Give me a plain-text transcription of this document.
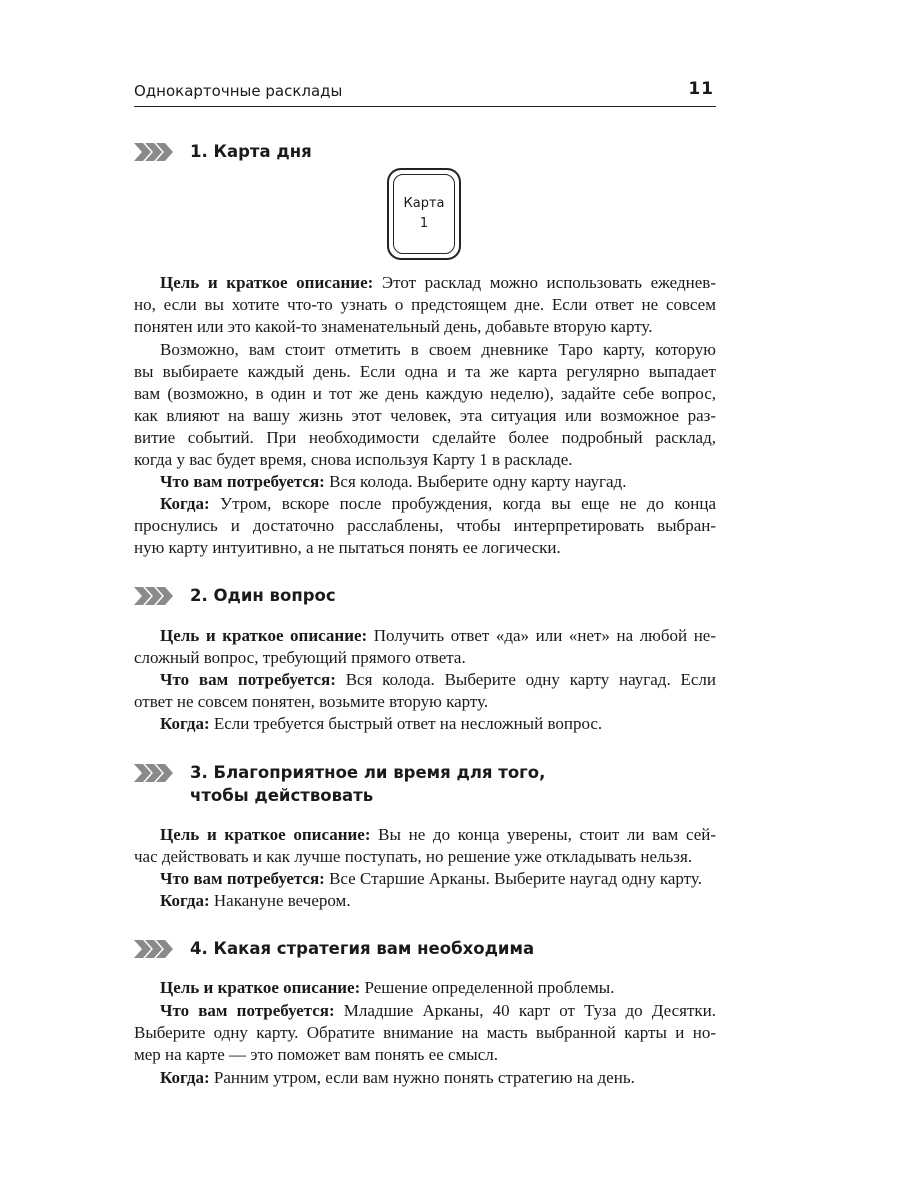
Однокарточные расклады	11
1. Карта дня
Карта
1
Цель и краткое описание: Этот расклад можно использовать ежеднев-
но, если вы хотите что-то узнать о предстоящем дне. Если ответ не совсем
понятен или это какой-то знаменательный день, добавьте вторую карту.
Возможно, вам стоит отметить в своем дневнике Таро карту, которую
вы выбираете каждый день. Если одна и та же карта регулярно выпадает
вам (возможно, в один и тот же день каждую неделю), задайте себе вопрос,
как влияют на вашу жизнь этот человек, эта ситуация или возможное раз-
витие событий. При необходимости сделайте более подробный расклад,
когда у вас будет время, снова используя Карту 1 в раскладе.
Что вам потребуется: Вся колода. Выберите одну карту наугад.
Когда: Утром, вскоре после пробуждения, когда вы еще не до конца
проснулись и достаточно расслаблены, чтобы интерпретировать выбран-
ную карту интуитивно, а не пытаться понять ее логически.
2. Один вопрос
Цель и краткое описание: Получить ответ «да» или «нет» на любой не-
сложный вопрос, требующий прямого ответа.
Что вам потребуется: Вся колода. Выберите одну карту наугад. Если
ответ не совсем понятен, возьмите вторую карту.
Когда: Если требуется быстрый ответ на несложный вопрос.
3. Благоприятное ли время для того,
чтобы действовать
Цель и краткое описание: Вы не до конца уверены, стоит ли вам сей-
час действовать и как лучше поступать, но решение уже откладывать нельзя.
Что вам потребуется: Все Старшие Арканы. Выберите наугад одну карту.
Когда: Накануне вечером.
4. Какая стратегия вам необходима
Цель и краткое описание: Решение определенной проблемы.
Что вам потребуется: Младшие Арканы, 40 карт от Туза до Десятки.
Выберите одну карту. Обратите внимание на масть выбранной карты и но-
мер на карте — это поможет вам понять ее смысл.
Когда: Ранним утром, если вам нужно понять стратегию на день.
